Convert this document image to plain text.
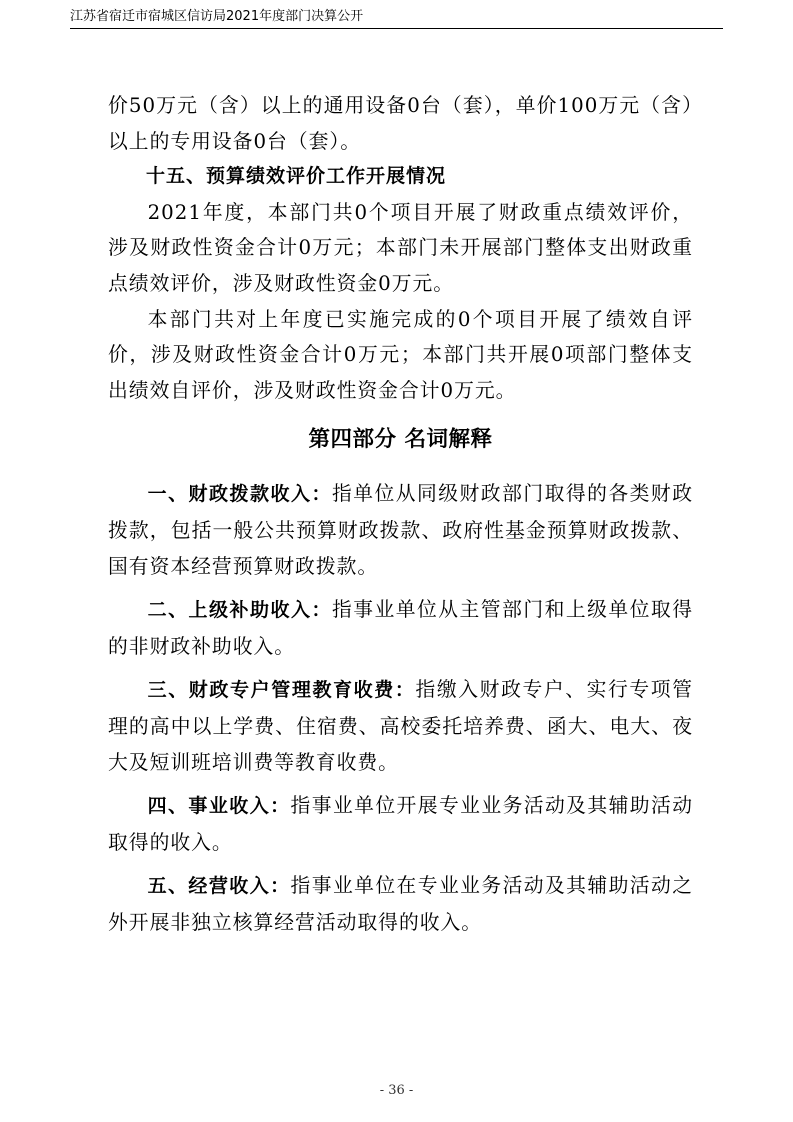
江苏省宿迁市宿城区信访局2021年度部门决算公开

价50万元（含）以上的通用设备0台（套），单价100万元（含）以上的专用设备0台（套）。

十五、预算绩效评价工作开展情况

2021年度，本部门共0个项目开展了财政重点绩效评价，涉及财政性资金合计0万元；本部门未开展部门整体支出财政重点绩效评价，涉及财政性资金0万元。

本部门共对上年度已实施完成的0个项目开展了绩效自评价，涉及财政性资金合计0万元；本部门共开展0项部门整体支出绩效自评价，涉及财政性资金合计0万元。

第四部分 名词解释

一、财政拨款收入：指单位从同级财政部门取得的各类财政拨款，包括一般公共预算财政拨款、政府性基金预算财政拨款、国有资本经营预算财政拨款。

二、上级补助收入：指事业单位从主管部门和上级单位取得的非财政补助收入。

三、财政专户管理教育收费：指缴入财政专户、实行专项管理的高中以上学费、住宿费、高校委托培养费、函大、电大、夜大及短训班培训费等教育收费。

四、事业收入：指事业单位开展专业业务活动及其辅助活动取得的收入。

五、经营收入：指事业单位在专业业务活动及其辅助活动之外开展非独立核算经营活动取得的收入。

- 36 -
